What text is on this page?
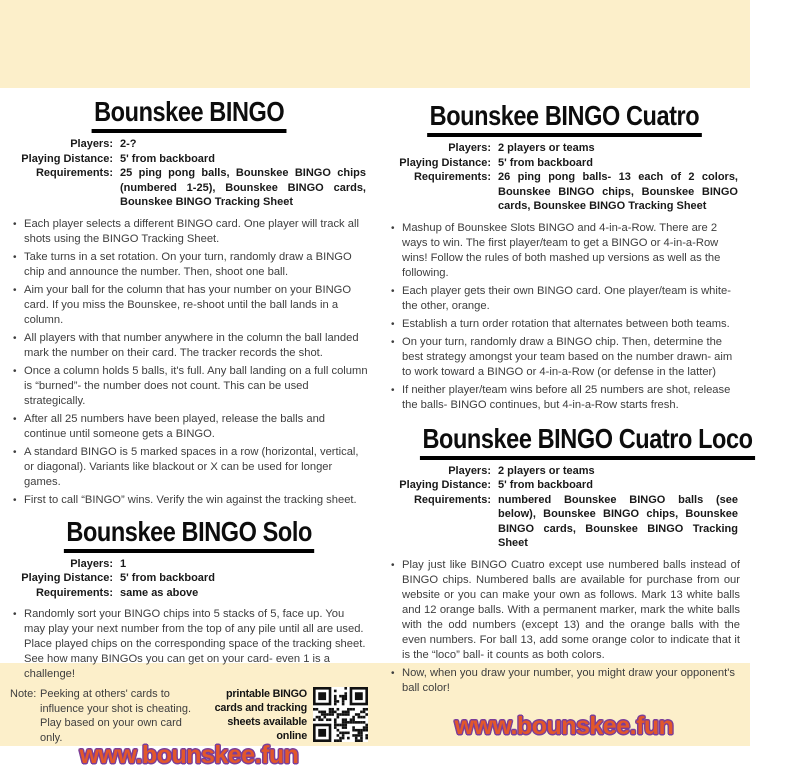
Bounskee BINGO
Players: 2-?
Playing Distance: 5' from backboard
Requirements: 25 ping pong balls, Bounskee BINGO chips (numbered 1-25), Bounskee BINGO cards, Bounskee BINGO Tracking Sheet
• Each player selects a different BINGO card. One player will track all shots using the BINGO Tracking Sheet.
• Take turns in a set rotation. On your turn, randomly draw a BINGO chip and announce the number. Then, shoot one ball.
• Aim your ball for the column that has your number on your BINGO card. If you miss the Bounskee, re-shoot until the ball lands in a column.
• All players with that number anywhere in the column the ball landed mark the number on their card. The tracker records the shot.
• Once a column holds 5 balls, it's full. Any ball landing on a full column is “burned”- the number does not count. This can be used strategically.
• After all 25 numbers have been played, release the balls and continue until someone gets a BINGO.
• A standard BINGO is 5 marked spaces in a row (horizontal, vertical, or diagonal). Variants like blackout or X can be used for longer games.
• First to call “BINGO” wins. Verify the win against the tracking sheet.
Bounskee BINGO Solo
Players: 1
Playing Distance: 5' from backboard
Requirements: same as above
• Randomly sort your BINGO chips into 5 stacks of 5, face up. You may play your next number from the top of any pile until all are used. Place played chips on the corresponding space of the tracking sheet. See how many BINGOs you can get on your card- even 1 is a challenge!
Note: Peeking at others' cards to influence your shot is cheating. Play based on your own card only.
printable BINGO cards and tracking sheets available online
www.bounskee.fun
Bounskee BINGO Cuatro
Players: 2 players or teams
Playing Distance: 5' from backboard
Requirements: 26 ping pong balls- 13 each of 2 colors, Bounskee BINGO chips, Bounskee BINGO cards, Bounskee BINGO Tracking Sheet
• Mashup of Bounskee Slots BINGO and 4-in-a-Row. There are 2 ways to win. The first player/team to get a BINGO or 4-in-a-Row wins! Follow the rules of both mashed up versions as well as the following.
• Each player gets their own BINGO card. One player/team is white- the other, orange.
• Establish a turn order rotation that alternates between both teams.
• On your turn, randomly draw a BINGO chip. Then, determine the best strategy amongst your team based on the number drawn- aim to work toward a BINGO or 4-in-a-Row (or defense in the latter)
• If neither player/team wins before all 25 numbers are shot, release the balls- BINGO continues, but 4-in-a-Row starts fresh.
Bounskee BINGO Cuatro Loco
Players: 2 players or teams
Playing Distance: 5' from backboard
Requirements: numbered Bounskee BINGO balls (see below), Bounskee BINGO chips, Bounskee BINGO cards, Bounskee BINGO Tracking Sheet
• Play just like BINGO Cuatro except use numbered balls instead of BINGO chips. Numbered balls are available for purchase from our website or you can make your own as follows. Mark 13 white balls and 12 orange balls. With a permanent marker, mark the white balls with the odd numbers (except 13) and the orange balls with the even numbers. For ball 13, add some orange color to indicate that it is the “loco” ball- it counts as both colors.
• Now, when you draw your number, you might draw your opponent's ball color!
www.bounskee.fun
